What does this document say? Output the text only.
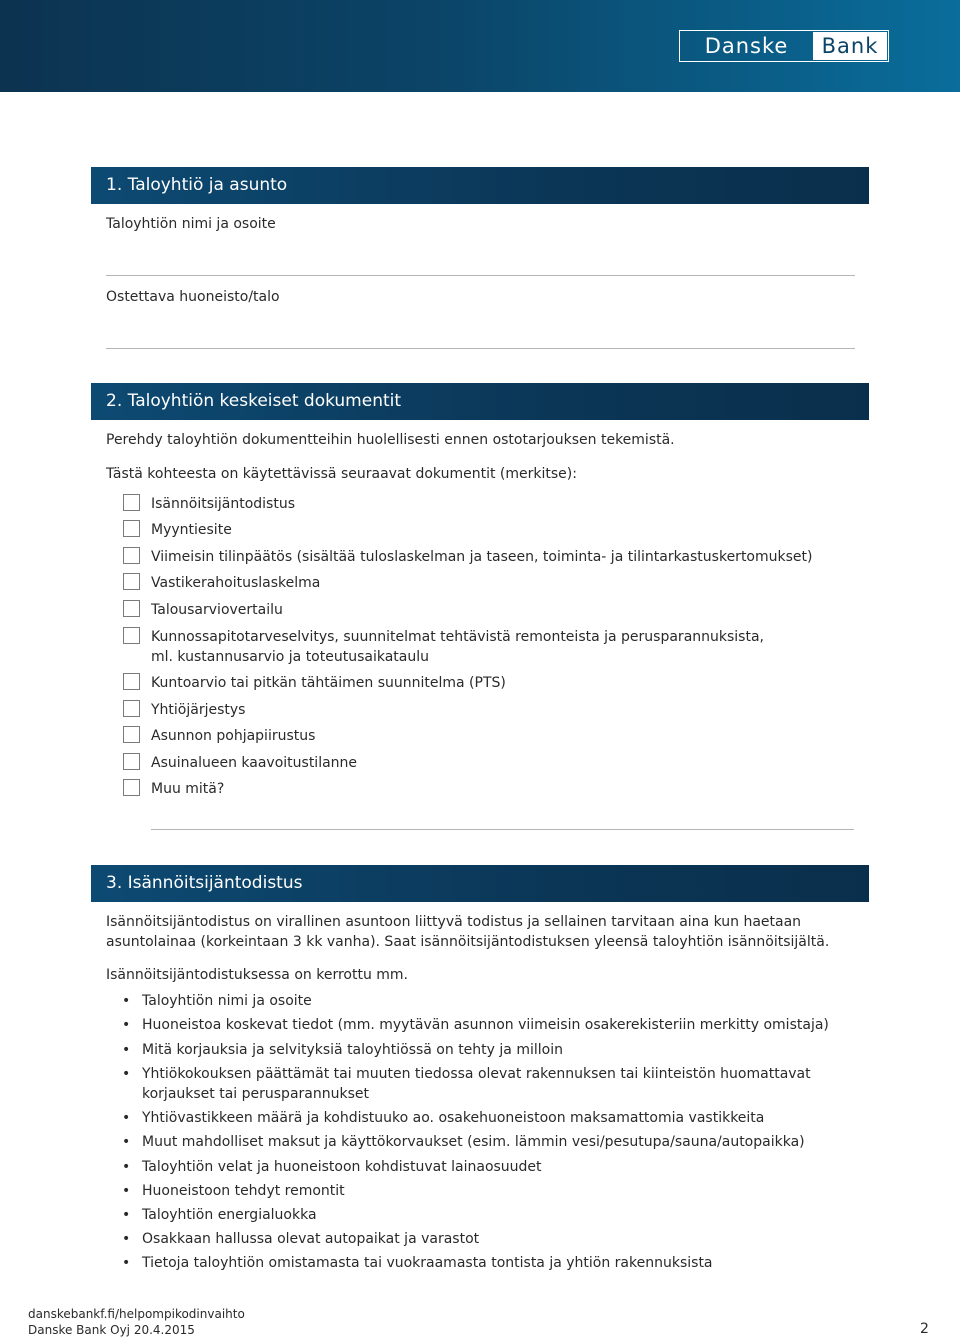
Danske	Bank
1. Taloyhtiö ja asunto
Taloyhtiön nimi ja osoite
Ostettava huoneisto/talo
2. Taloyhtiön keskeiset dokumentit
Perehdy taloyhtiön dokumentteihin huolellisesti ennen ostotarjouksen tekemistä.
Tästä kohteesta on käytettävissä seuraavat dokumentit (merkitse):
Isännöitsijäntodistus
Myyntiesite
Viimeisin tilinpäätös (sisältää tuloslaskelman ja taseen, toiminta- ja tilintarkastuskertomukset)
Vastikerahoituslaskelma
Talousarviovertailu
Kunnossapitotarveselvitys, suunnitelmat tehtävistä remonteista ja perusparannuksista,
ml. kustannusarvio ja toteutusaikataulu
Kuntoarvio tai pitkän tähtäimen suunnitelma (PTS)
Yhtiöjärjestys
Asunnon pohjapiirustus
Asuinalueen kaavoitustilanne
Muu mitä?
3. Isännöitsijäntodistus
Isännöitsijäntodistus on virallinen asuntoon liittyvä todistus ja sellainen tarvitaan aina kun haetaan
asuntolainaa (korkeintaan 3 kk vanha). Saat isännöitsijäntodistuksen yleensä taloyhtiön isännöitsijältä.
Isännöitsijäntodistuksessa on kerrottu mm.
• Taloyhtiön nimi ja osoite
• Huoneistoa koskevat tiedot (mm. myytävän asunnon viimeisin osakerekisteriin merkitty omistaja)
• Mitä korjauksia ja selvityksiä taloyhtiössä on tehty ja milloin
• Yhtiökokouksen päättämät tai muuten tiedossa olevat rakennuksen tai kiinteistön huomattavat
korjaukset tai perusparannukset
• Yhtiövastikkeen määrä ja kohdistuuko ao. osakehuoneistoon maksamattomia vastikkeita
• Muut mahdolliset maksut ja käyttökorvaukset (esim. lämmin vesi/pesutupa/sauna/autopaikka)
• Taloyhtiön velat ja huoneistoon kohdistuvat lainaosuudet
• Huoneistoon tehdyt remontit
• Taloyhtiön energialuokka
• Osakkaan hallussa olevat autopaikat ja varastot
• Tietoja taloyhtiön omistamasta tai vuokraamasta tontista ja yhtiön rakennuksista
danskebankf.fi/helpompikodinvaihto
Danske Bank Oyj 20.4.2015	2
